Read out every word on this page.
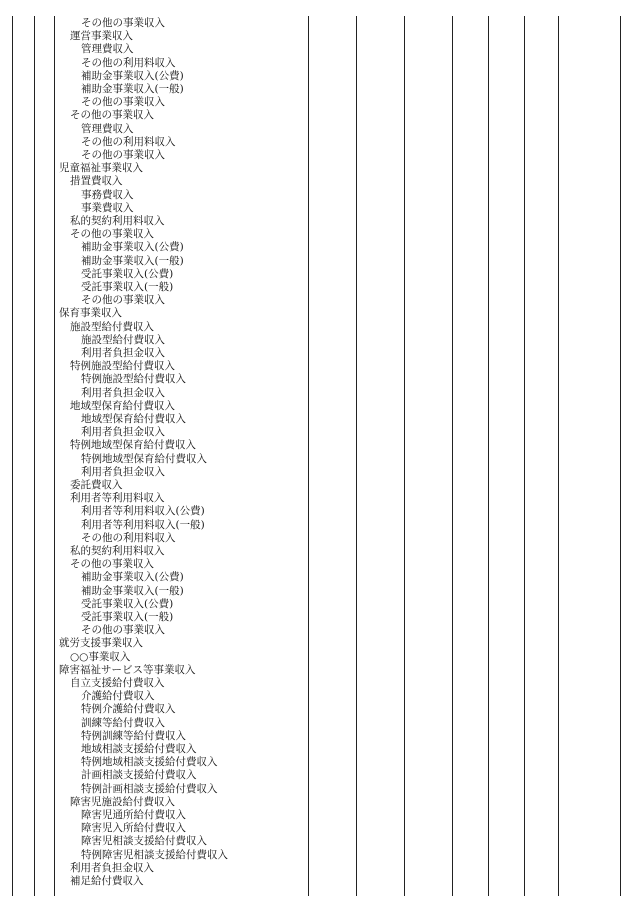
その他の事業収入
運営事業収入
管理費収入
その他の利用料収入
補助金事業収入(公費)
補助金事業収入(一般)
その他の事業収入
その他の事業収入
管理費収入
その他の利用料収入
その他の事業収入
児童福祉事業収入
措置費収入
事務費収入
事業費収入
私的契約利用料収入
その他の事業収入
補助金事業収入(公費)
補助金事業収入(一般)
受託事業収入(公費)
受託事業収入(一般)
その他の事業収入
保育事業収入
施設型給付費収入
施設型給付費収入
利用者負担金収入
特例施設型給付費収入
特例施設型給付費収入
利用者負担金収入
地域型保育給付費収入
地域型保育給付費収入
利用者負担金収入
特例地域型保育給付費収入
特例地域型保育給付費収入
利用者負担金収入
委託費収入
利用者等利用料収入
利用者等利用料収入(公費)
利用者等利用料収入(一般)
その他の利用料収入
私的契約利用料収入
その他の事業収入
補助金事業収入(公費)
補助金事業収入(一般)
受託事業収入(公費)
受託事業収入(一般)
その他の事業収入
就労支援事業収入
○○事業収入
障害福祉サービス等事業収入
自立支援給付費収入
介護給付費収入
特例介護給付費収入
訓練等給付費収入
特例訓練等給付費収入
地域相談支援給付費収入
特例地域相談支援給付費収入
計画相談支援給付費収入
特例計画相談支援給付費収入
障害児施設給付費収入
障害児通所給付費収入
障害児入所給付費収入
障害児相談支援給付費収入
特例障害児相談支援給付費収入
利用者負担金収入
補足給付費収入
